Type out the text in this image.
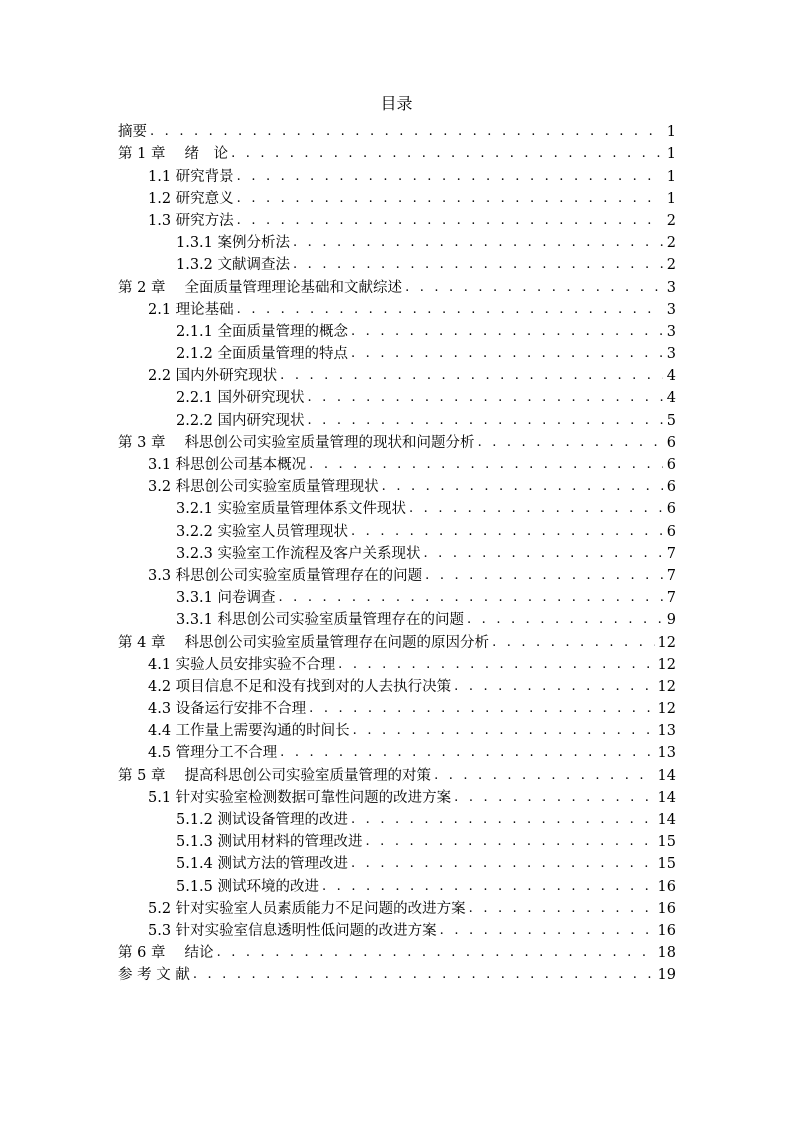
目录
摘要 . . .	1
第 1 章　 绪　论 . . .	1
1.1 研究背景 . . .	1
1.2 研究意义 . . .	1
1.3 研究方法 . . .	2
1.3.1 案例分析法 . . .	2
1.3.2 文献调查法 . . .	2
第 2 章　 全面质量管理理论基础和文献综述 . . .	3
2.1 理论基础 . . .	3
2.1.1 全面质量管理的概念 . . .	3
2.1.2 全面质量管理的特点 . . .	3
2.2 国内外研究现状 . . .	4
2.2.1 国外研究现状 . . .	4
2.2.2 国内研究现状 . . .	5
第 3 章　 科思创公司实验室质量管理的现状和问题分析 . . .	6
3.1 科思创公司基本概况 . . .	6
3.2 科思创公司实验室质量管理现状 . . .	6
3.2.1 实验室质量管理体系文件现状 . . .	6
3.2.2 实验室人员管理现状 . . .	6
3.2.3 实验室工作流程及客户关系现状 . . .	7
3.3 科思创公司实验室质量管理存在的问题 . . .	7
3.3.1 问卷调查 . . .	7
3.3.1 科思创公司实验室质量管理存在的问题 . . .	9
第 4 章　 科思创公司实验室质量管理存在问题的原因分析 . . .	12
4.1 实验人员安排实验不合理 . . .	12
4.2 项目信息不足和没有找到对的人去执行决策 . . .	12
4.3 设备运行安排不合理 . . .	12
4.4 工作量上需要沟通的时间长 . . .	13
4.5 管理分工不合理 . . .	13
第 5 章　 提高科思创公司实验室质量管理的对策 . . .	14
5.1 针对实验室检测数据可靠性问题的改进方案 . . .	14
5.1.2 测试设备管理的改进 . . .	14
5.1.3 测试用材料的管理改进 . . .	15
5.1.4 测试方法的管理改进 . . .	15
5.1.5 测试环境的改进 . . .	16
5.2 针对实验室人员素质能力不足问题的改进方案 . . .	16
5.3 针对实验室信息透明性低问题的改进方案 . . .	16
第 6 章　 结论 . . .	18
参 考 文 献 . . .	19
